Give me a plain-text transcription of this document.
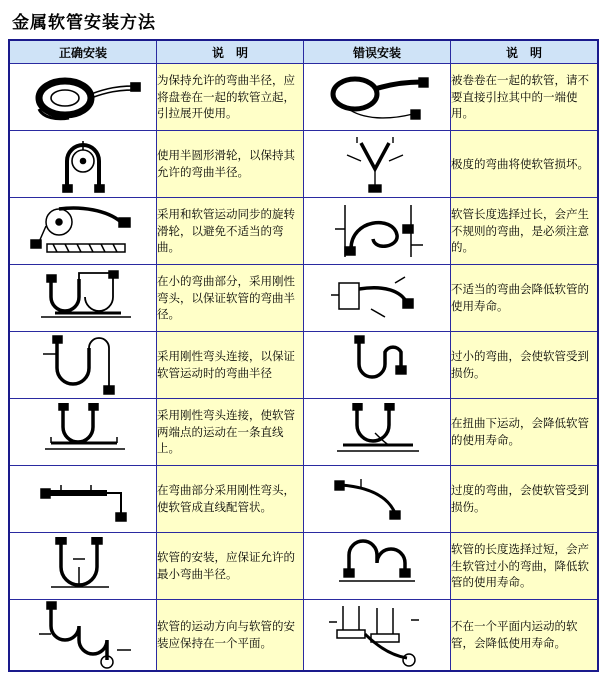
金属软管安装方法
正确安装	说　明	错误安装	说　明

	为保持允许的弯曲半径，应将盘卷在一起的软管立起，引拉展开使用。		被卷卷在一起的软管，请不要直接引拉其中的一端使用。

	使用半圆形滑轮，以保持其允许的弯曲半径。		极度的弯曲将使软管损坏。

	采用和软管运动同步的旋转滑轮，以避免不适当的弯曲。		软管长度选择过长，会产生不规则的弯曲，是必须注意的。

	在小的弯曲部分，采用刚性弯头，以保证软管的弯曲半径。		不适当的弯曲会降低软管的使用寿命。

	采用刚性弯头连接，以保证软管运动时的弯曲半径		过小的弯曲，会使软管受到损伤。

	采用刚性弯头连接，使软管两端点的运动在一条直线上。		在扭曲下运动，会降低软管的使用寿命。

	在弯曲部分采用刚性弯头，使软管成直线配管状。		过度的弯曲，会使软管受到损伤。

	软管的安装，应保证允许的最小弯曲半径。		软管的长度选择过短，会产生软管过小的弯曲，降低软管的使用寿命。

	软管的运动方向与软管的安装应保持在一个平面。		不在一个平面内运动的软管，会降低使用寿命。
